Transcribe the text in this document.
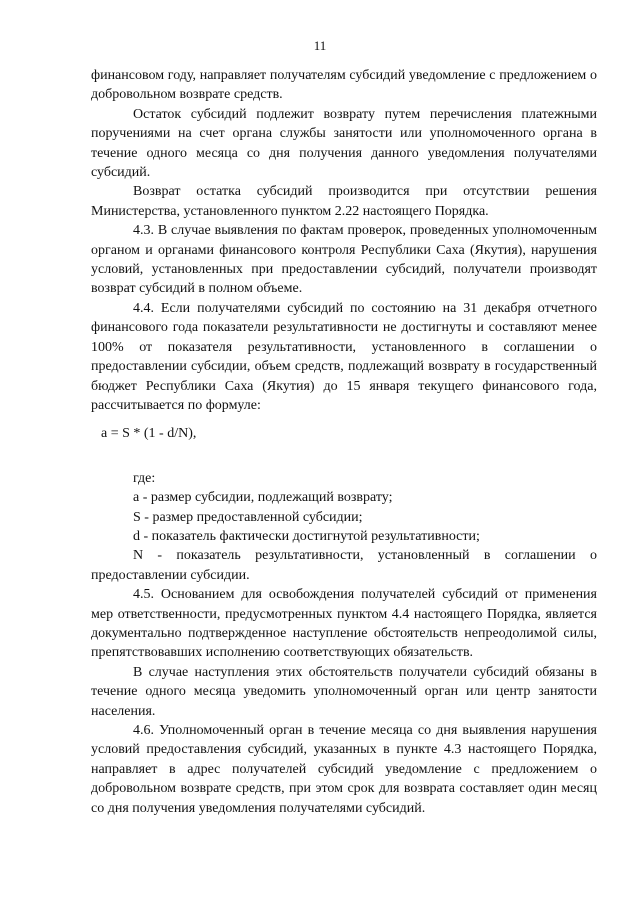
11

финансовом году, направляет получателям субсидий уведомление с предложением о добровольном возврате средств.

Остаток субсидий подлежит возврату путем перечисления платежными поручениями на счет органа службы занятости или уполномоченного органа в течение одного месяца со дня получения данного уведомления получателями субсидий.

Возврат остатка субсидий производится при отсутствии решения Министерства, установленного пунктом 2.22 настоящего Порядка.

4.3. В случае выявления по фактам проверок, проведенных уполномоченным органом и органами финансового контроля Республики Саха (Якутия), нарушения условий, установленных при предоставлении субсидий, получатели производят возврат субсидий в полном объеме.

4.4. Если получателями субсидий по состоянию на 31 декабря отчетного финансового года показатели результативности не достигнуты и составляют менее 100% от показателя результативности, установленного в соглашении о предоставлении субсидии, объем средств, подлежащий возврату в государственный бюджет Республики Саха (Якутия) до 15 января текущего финансового года, рассчитывается по формуле:

a = S * (1 - d/N),

где:

a - размер субсидии, подлежащий возврату;

S - размер предоставленной субсидии;

d - показатель фактически достигнутой результативности;

N - показатель результативности, установленный в соглашении о предоставлении субсидии.

4.5. Основанием для освобождения получателей субсидий от применения мер ответственности, предусмотренных пунктом 4.4 настоящего Порядка, является документально подтвержденное наступление обстоятельств непреодолимой силы, препятствовавших исполнению соответствующих обязательств.

В случае наступления этих обстоятельств получатели субсидий обязаны в течение одного месяца уведомить уполномоченный орган или центр занятости населения.

4.6. Уполномоченный орган в течение месяца со дня выявления нарушения условий предоставления субсидий, указанных в пункте 4.3 настоящего Порядка, направляет в адрес получателей субсидий уведомление с предложением о добровольном возврате средств, при этом срок для возврата составляет один месяц со дня получения уведомления получателями субсидий.
